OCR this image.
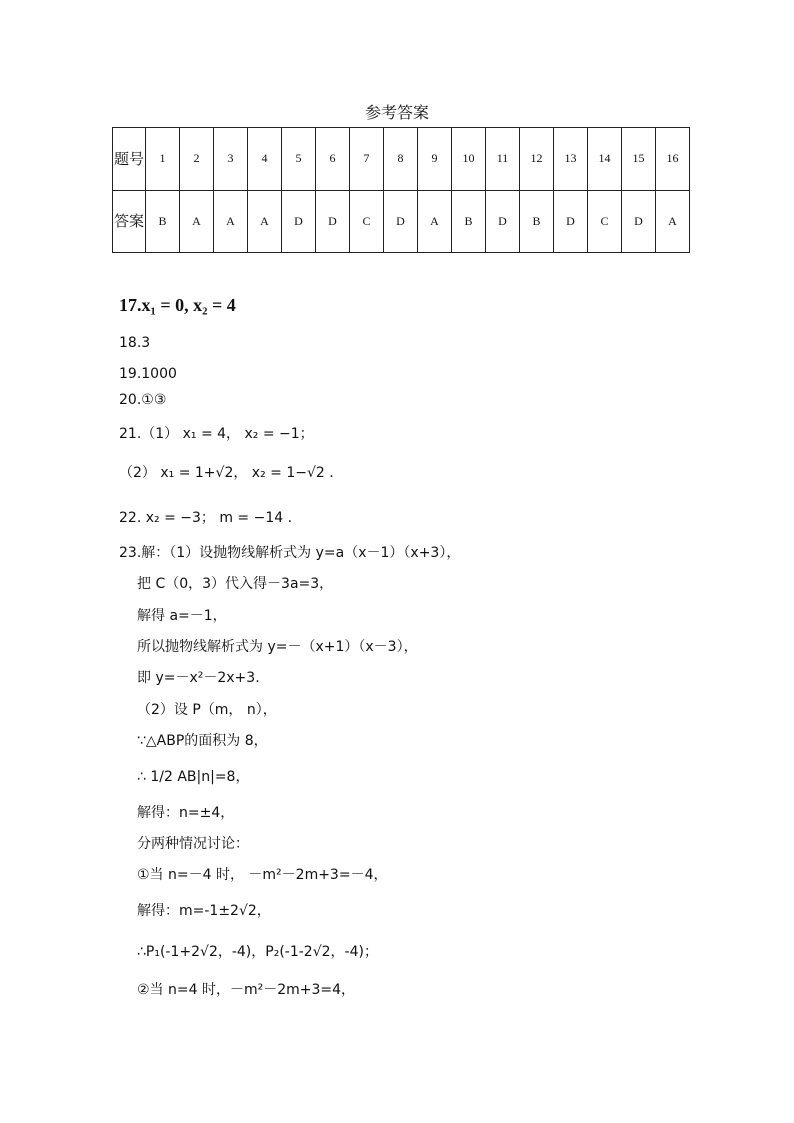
参考答案
题号	1	2	3	4	5	6	7	8	9	10	11	12	13	14	15	16
答案	B	A	A	A	D	D	C	D	A	B	D	B	D	C	D	A
17.x₁ = 0, x₂ = 4
18.3
19.1000
20.①③
21.（1） x₁ = 4， x₂ = −1；
（2） x₁ = 1+√2， x₂ = 1−√2 .
22. x₂ = −3； m = −14 .
23.解：（1）设抛物线解析式为 y=a（x－1）（x+3），
把 C（0，3）代入得－3a=3，
解得 a=－1，
所以抛物线解析式为 y=－（x+1）（x－3），
即 y=－x²－2x+3.
（2）设 P（m， n），
∵△ABP的面积为 8，
∴ 1/2 AB|n|=8，
解得：n=±4，
分两种情况讨论：
①当 n=－4 时， －m²－2m+3=－4，
解得：m=-1±2√2，
∴P₁(-1+2√2，-4)，P₂(-1-2√2，-4)；
②当 n=4 时，－m²－2m+3=4，
